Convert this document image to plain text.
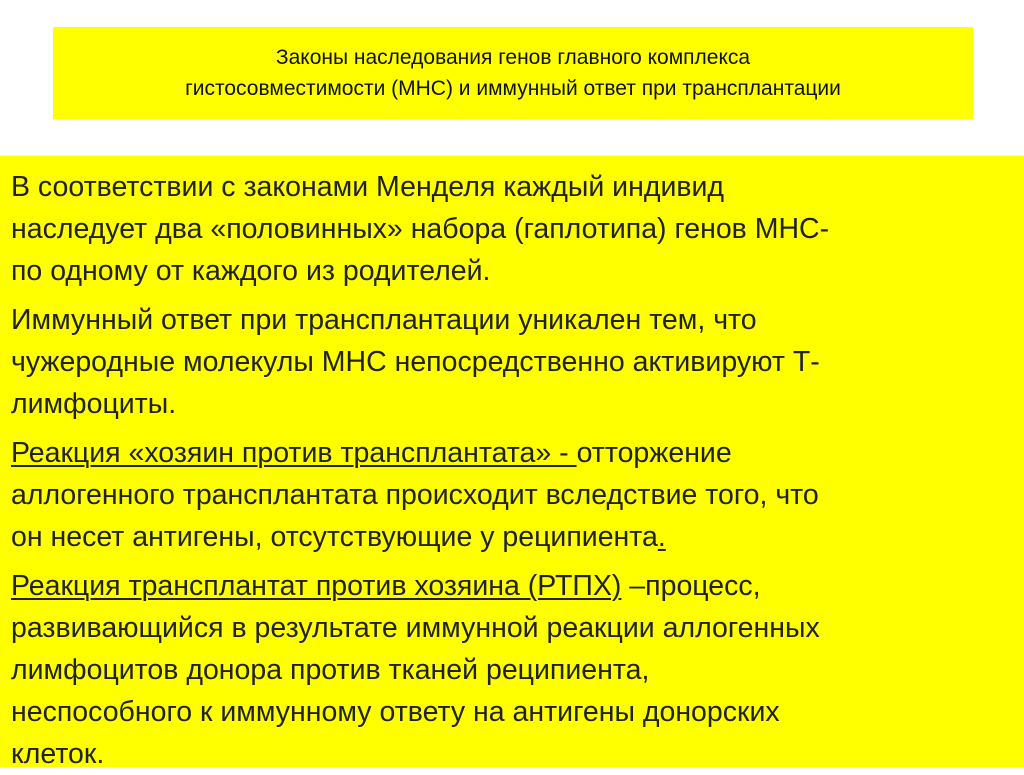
Законы наследования генов главного комплекса
гистосовместимости (МНС) и иммунный ответ при трансплантации
В соответствии с законами Менделя каждый индивид
наследует два «половинных» набора (гаплотипа) генов МНС-
по одному от каждого из родителей.
Иммунный ответ при трансплантации уникален тем, что
чужеродные молекулы МНС непосредственно активируют Т-
лимфоциты.
Реакция «хозяин против трансплантата» - отторжение
аллогенного трансплантата происходит вследствие того, что
он несет антигены, отсутствующие у реципиента.
Реакция трансплантат против хозяина (РТПХ) –процесс,
развивающийся в результате иммунной реакции аллогенных
лимфоцитов донора против тканей реципиента,
неспособного к иммунному ответу на антигены донорских
клеток.
